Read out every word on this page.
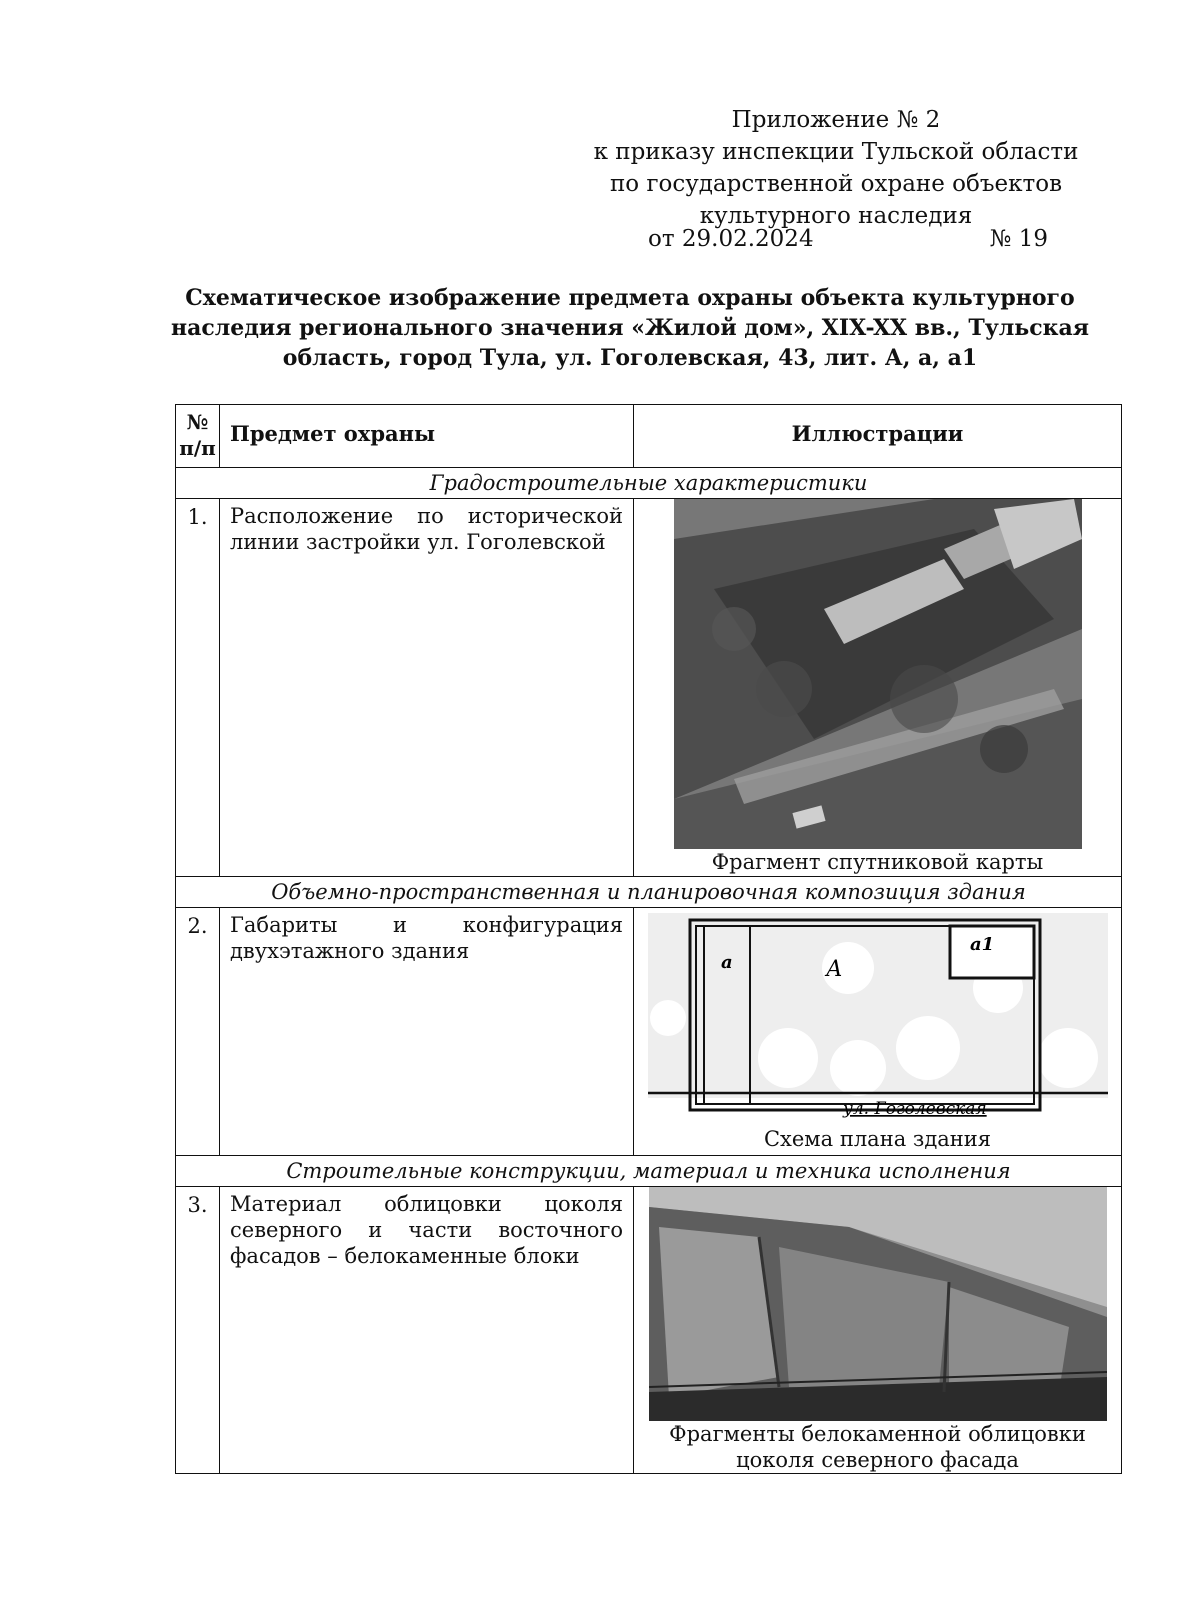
Приложение № 2
к приказу инспекции Тульской области
по государственной охране объектов
культурного наследия
от 29.02.2024	№ 19
Схематическое изображение предмета охраны объекта культурного
наследия регионального значения «Жилой дом», XIX-XX вв., Тульская
область, город Тула, ул. Гоголевская, 43, лит. А, а, а1
№ п/п	Предмет охраны	Иллюстрации
Градостроительные характеристики		
1.	Расположение по исторической линии застройки ул. Гоголевской	Фрагмент спутниковой карты

Объемно-пространственная и планировочная композиция здания		
2.	Габариты и конфигурация двухэтажного здания	а А
а1
ул. Гоголевская
Схема плана здания

Строительные конструкции, материал и техника исполнения		
3.	Материал облицовки цоколя северного и части восточного фасадов – белокаменные блоки	Фрагменты белокаменной облицовки
цоколя северного фасада
